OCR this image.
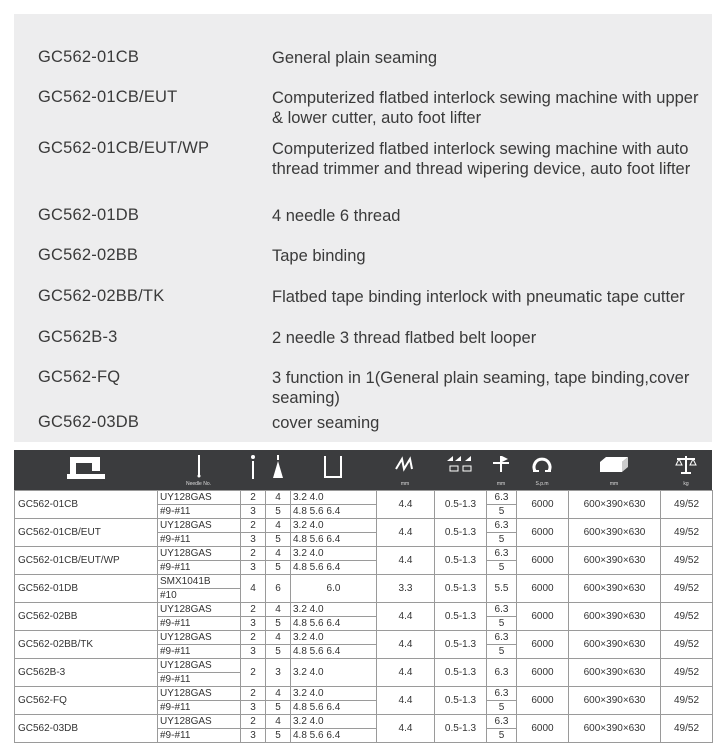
GC562-01CB	General plain seaming
GC562-01CB/EUT	Computerized flatbed interlock sewing machine with upper & lower cutter, auto foot lifter
GC562-01CB/EUT/WP	Computerized flatbed interlock sewing machine with auto thread trimmer and thread wipering device, auto foot lifter
GC562-01DB	4 needle 6 thread
GC562-02BB	Tape binding
GC562-02BB/TK	Flatbed tape binding interlock with pneumatic tape cutter
GC562B-3	2 needle 3 thread flatbed belt looper
GC562-FQ	3 function in 1(General plain seaming, tape binding,cover seaming)
GC562-03DB	cover seaming
Needle No.	mm	mm	S.p.m	mm	kg
GC562-01CB	UY128GAS	2	4	3.2 4.0	4.4	0.5-1.3	6.3	6000	600×390×630	49/52
	#9-#11	3	5	4.8 5.6 6.4			5			
GC562-01CB/EUT	UY128GAS	2	4	3.2 4.0	4.4	0.5-1.3	6.3	6000	600×390×630	49/52
	#9-#11	3	5	4.8 5.6 6.4			5			
GC562-01CB/EUT/WP	UY128GAS	2	4	3.2 4.0	4.4	0.5-1.3	6.3	6000	600×390×630	49/52
	#9-#11	3	5	4.8 5.6 6.4			5			
GC562-01DB	SMX1041B	4	6	6.0	3.3	0.5-1.3	5.5	6000	600×390×630	49/52
	#10									
GC562-02BB	UY128GAS	2	4	3.2 4.0	4.4	0.5-1.3	6.3	6000	600×390×630	49/52
	#9-#11	3	5	4.8 5.6 6.4			5			
GC562-02BB/TK	UY128GAS	2	4	3.2 4.0	4.4	0.5-1.3	6.3	6000	600×390×630	49/52
	#9-#11	3	5	4.8 5.6 6.4			5			
GC562B-3	UY128GAS	2	3	3.2 4.0	4.4	0.5-1.3	6.3	6000	600×390×630	49/52
	#9-#11									
GC562-FQ	UY128GAS	2	4	3.2 4.0	4.4	0.5-1.3	6.3	6000	600×390×630	49/52
	#9-#11	3	5	4.8 5.6 6.4			5			
GC562-03DB	UY128GAS	2	4	3.2 4.0	4.4	0.5-1.3	6.3	6000	600×390×630	49/52
	#9-#11	3	5	4.8 5.6 6.4			5			
